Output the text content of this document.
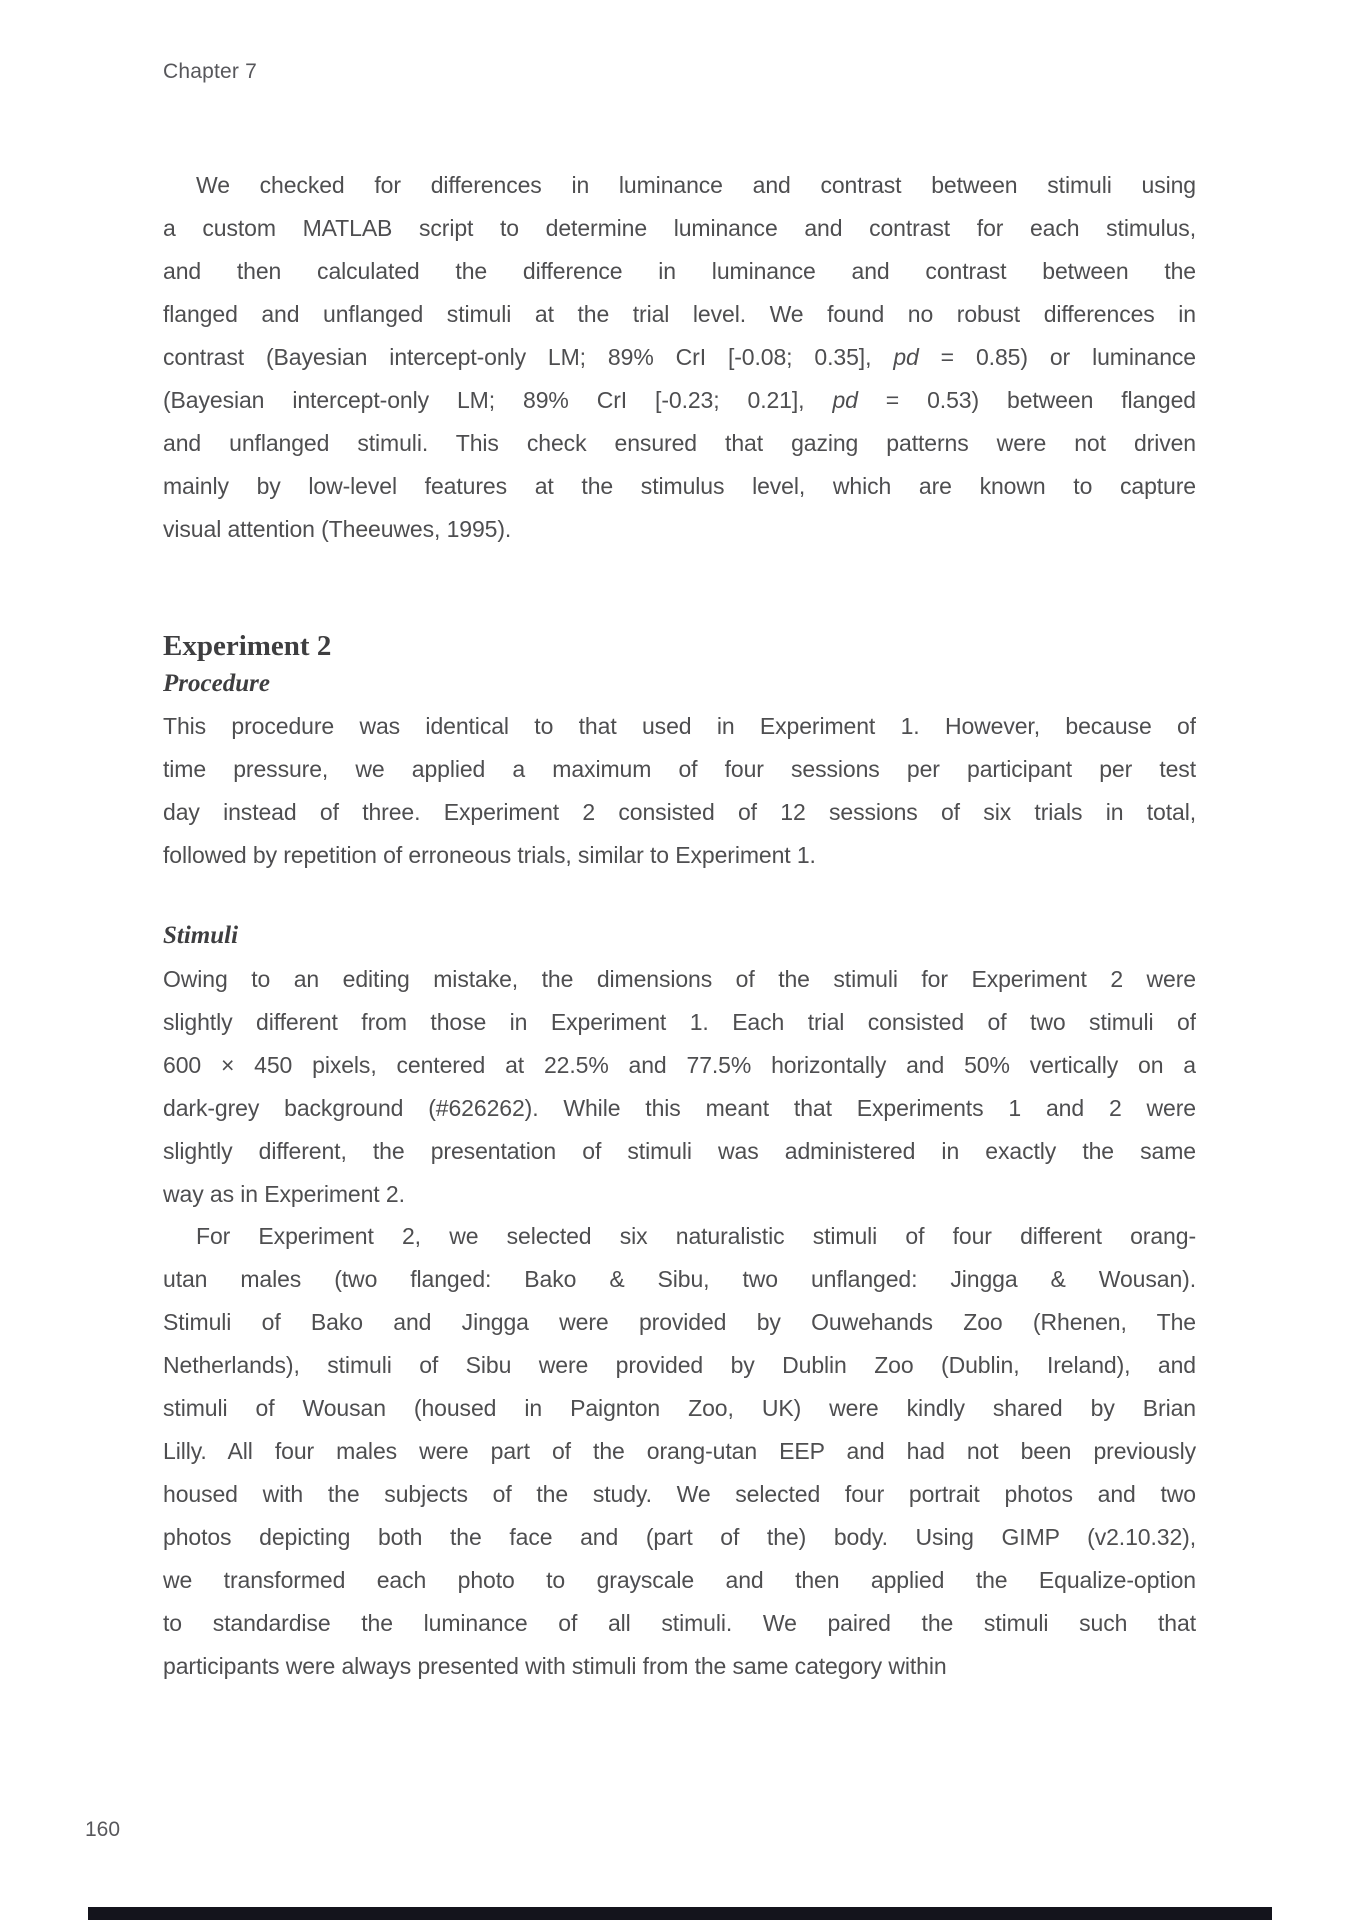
Chapter 7
We checked for differences in luminance and contrast between stimuli using
a custom MATLAB script to determine luminance and contrast for each stimulus,
and then calculated the difference in luminance and contrast between the
flanged and unflanged stimuli at the trial level. We found no robust differences in
contrast (Bayesian intercept-only LM; 89% CrI [-0.08; 0.35], pd = 0.85) or luminance
(Bayesian intercept-only LM; 89% CrI [-0.23; 0.21], pd = 0.53) between flanged
and unflanged stimuli. This check ensured that gazing patterns were not driven
mainly by low-level features at the stimulus level, which are known to capture
visual attention (Theeuwes, 1995).
Experiment 2
Procedure
This procedure was identical to that used in Experiment 1. However, because of
time pressure, we applied a maximum of four sessions per participant per test
day instead of three. Experiment 2 consisted of 12 sessions of six trials in total,
followed by repetition of erroneous trials, similar to Experiment 1.
Stimuli
Owing to an editing mistake, the dimensions of the stimuli for Experiment 2 were
slightly different from those in Experiment 1. Each trial consisted of two stimuli of
600 × 450 pixels, centered at 22.5% and 77.5% horizontally and 50% vertically on a
dark-grey background (#626262). While this meant that Experiments 1 and 2 were
slightly different, the presentation of stimuli was administered in exactly the same
way as in Experiment 2.
For Experiment 2, we selected six naturalistic stimuli of four different orang-
utan males (two flanged: Bako & Sibu, two unflanged: Jingga & Wousan).
Stimuli of Bako and Jingga were provided by Ouwehands Zoo (Rhenen, The
Netherlands), stimuli of Sibu were provided by Dublin Zoo (Dublin, Ireland), and
stimuli of Wousan (housed in Paignton Zoo, UK) were kindly shared by Brian
Lilly. All four males were part of the orang-utan EEP and had not been previously
housed with the subjects of the study. We selected four portrait photos and two
photos depicting both the face and (part of the) body. Using GIMP (v2.10.32),
we transformed each photo to grayscale and then applied the Equalize-option
to standardise the luminance of all stimuli. We paired the stimuli such that
participants were always presented with stimuli from the same category within
160
